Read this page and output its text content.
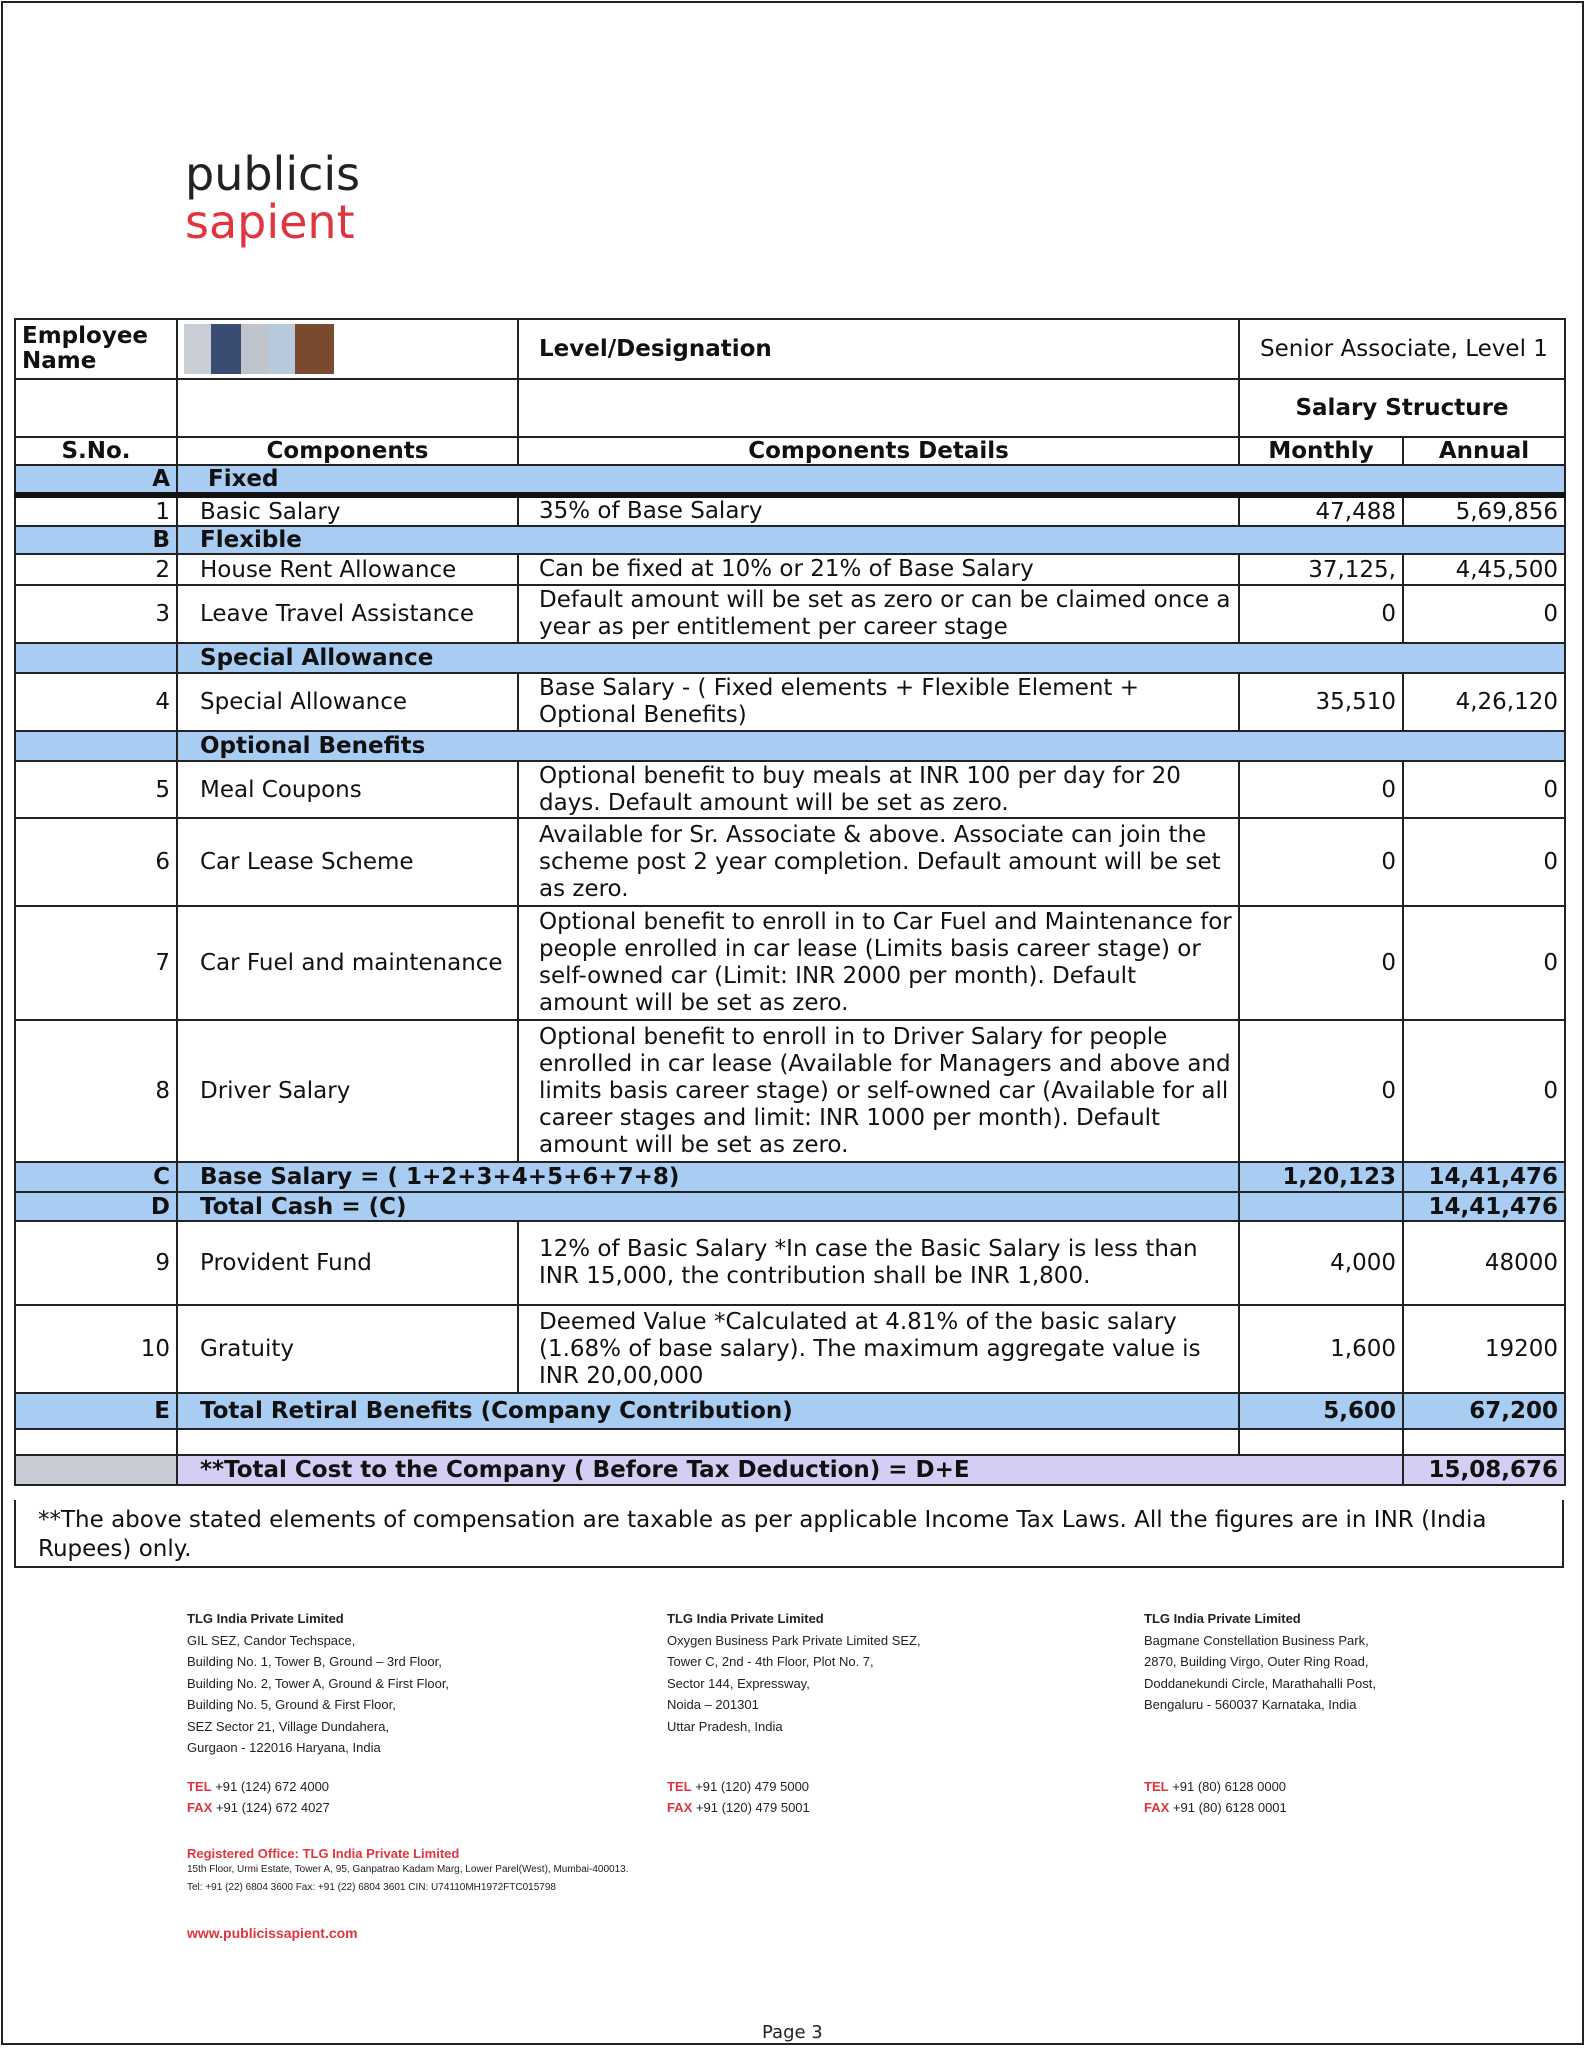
publicis
sapient
Employee Name		Level/Designation	Senior Associate, Level 1	
			Salary Structure	
S.No.	Components	Components Details	Monthly	Annual
A	Fixed			
1	Basic Salary	35% of Base Salary	47,488	5,69,856
B	Flexible			
2	House Rent Allowance	Can be fixed at 10% or 21% of Base Salary	37,125,	4,45,500
3	Leave Travel Assistance	Default amount will be set as zero or can be claimed once a year as per entitlement per career stage	0	0
	Special Allowance			
4	Special Allowance	Base Salary - ( Fixed elements + Flexible Element + Optional Benefits)	35,510	4,26,120
	Optional Benefits			
5	Meal Coupons	Optional benefit to buy meals at INR 100 per day for 20 days. Default amount will be set as zero.	0	0
6	Car Lease Scheme	Available for Sr. Associate & above. Associate can join the scheme post 2 year completion. Default amount will be set as zero.	0	0
7	Car Fuel and maintenance	Optional benefit to enroll in to Car Fuel and Maintenance for people enrolled in car lease (Limits basis career stage) or self-owned car (Limit: INR 2000 per month). Default amount will be set as zero.	0	0
8	Driver Salary	Optional benefit to enroll in to Driver Salary for people enrolled in car lease (Available for Managers and above and limits basis career stage) or self-owned car (Available for all career stages and limit: INR 1000 per month). Default amount will be set as zero.	0	0
C	Base Salary = ( 1+2+3+4+5+6+7+8)		1,20,123	14,41,476
D	Total Cash = (C)			14,41,476
9	Provident Fund	12% of Basic Salary *In case the Basic Salary is less than INR 15,000, the contribution shall be INR 1,800.	4,000	48000
10	Gratuity	Deemed Value *Calculated at 4.81% of the basic salary (1.68% of base salary). The maximum aggregate value is INR 20,00,000	1,600	19200
E	Total Retiral Benefits (Company Contribution)		5,600	67,200

	**Total Cost to the Company ( Before Tax Deduction) = D+E			15,08,676
**The above stated elements of compensation are taxable as per applicable Income Tax Laws. All the figures are in INR (India Rupees) only.
TLG India Private Limited
GIL SEZ, Candor Techspace,
Building No. 1, Tower B, Ground – 3rd Floor,
Building No. 2, Tower A, Ground & First Floor,
Building No. 5, Ground & First Floor,
SEZ Sector 21, Village Dundahera,
Gurgaon - 122016 Haryana, India
TEL +91 (124) 672 4000
FAX +91 (124) 672 4027
TLG India Private Limited
Oxygen Business Park Private Limited SEZ,
Tower C, 2nd - 4th Floor, Plot No. 7,
Sector 144, Expressway,
Noida – 201301
Uttar Pradesh, India
TEL +91 (120) 479 5000
FAX +91 (120) 479 5001
TLG India Private Limited
Bagmane Constellation Business Park,
2870, Building Virgo, Outer Ring Road,
Doddanekundi Circle, Marathahalli Post,
Bengaluru - 560037 Karnataka, India
TEL +91 (80) 6128 0000
FAX +91 (80) 6128 0001
Registered Office: TLG India Private Limited
15th Floor, Urmi Estate, Tower A, 95, Ganpatrao Kadam Marg, Lower Parel(West), Mumbai-400013.
Tel: +91 (22) 6804 3600 Fax: +91 (22) 6804 3601 CIN: U74110MH1972FTC015798
www.publicissapient.com
Page 3
